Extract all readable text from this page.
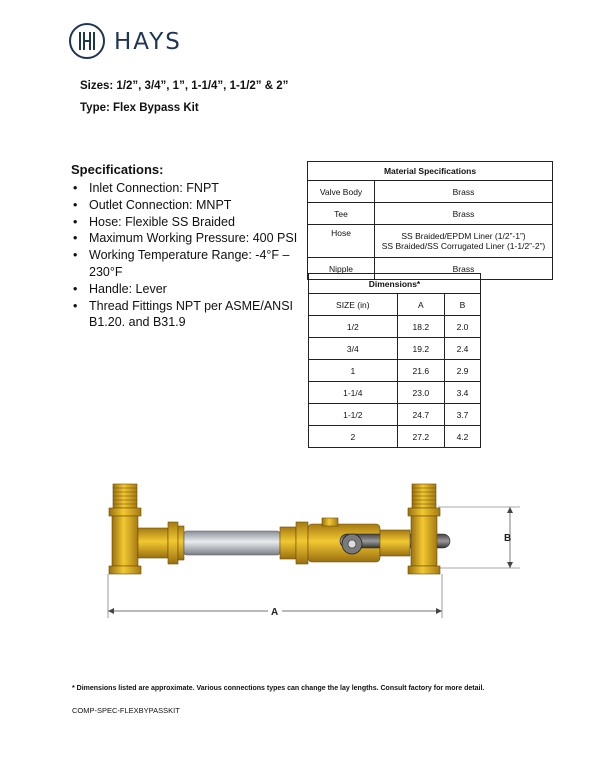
HAYS
Sizes: 1/2”, 3/4”, 1”, 1-1/4”, 1-1/2” & 2”
Type: Flex Bypass Kit
Specifications:
• Inlet Connection: FNPT
• Outlet Connection: MNPT
• Hose: Flexible SS Braided
• Maximum Working Pressure: 400 PSI
• Working Temperature Range: -4°F – 230°F
• Handle: Lever
• Thread Fittings NPT per ASME/ANSI B1.20. and B31.9
Material Specifications	
Valve Body	Brass
Tee	Brass
Hose	SS Braided/EPDM Liner (1/2”-1”)
SS Braided/SS Corrugated Liner (1-1/2”-2”)

Nipple	Brass
Dimensions*		
SIZE (in)	A	B
1/2	18.2	2.0
3/4	19.2	2.4
1	21.6	2.9
1-1/4	23.0	3.4
1-1/2	24.7	3.7
2	27.2	4.2
B
A
* Dimensions listed are approximate. Various connections types can change the lay lengths. Consult factory for more detail.
COMP-SPEC-FLEXBYPASSKIT
